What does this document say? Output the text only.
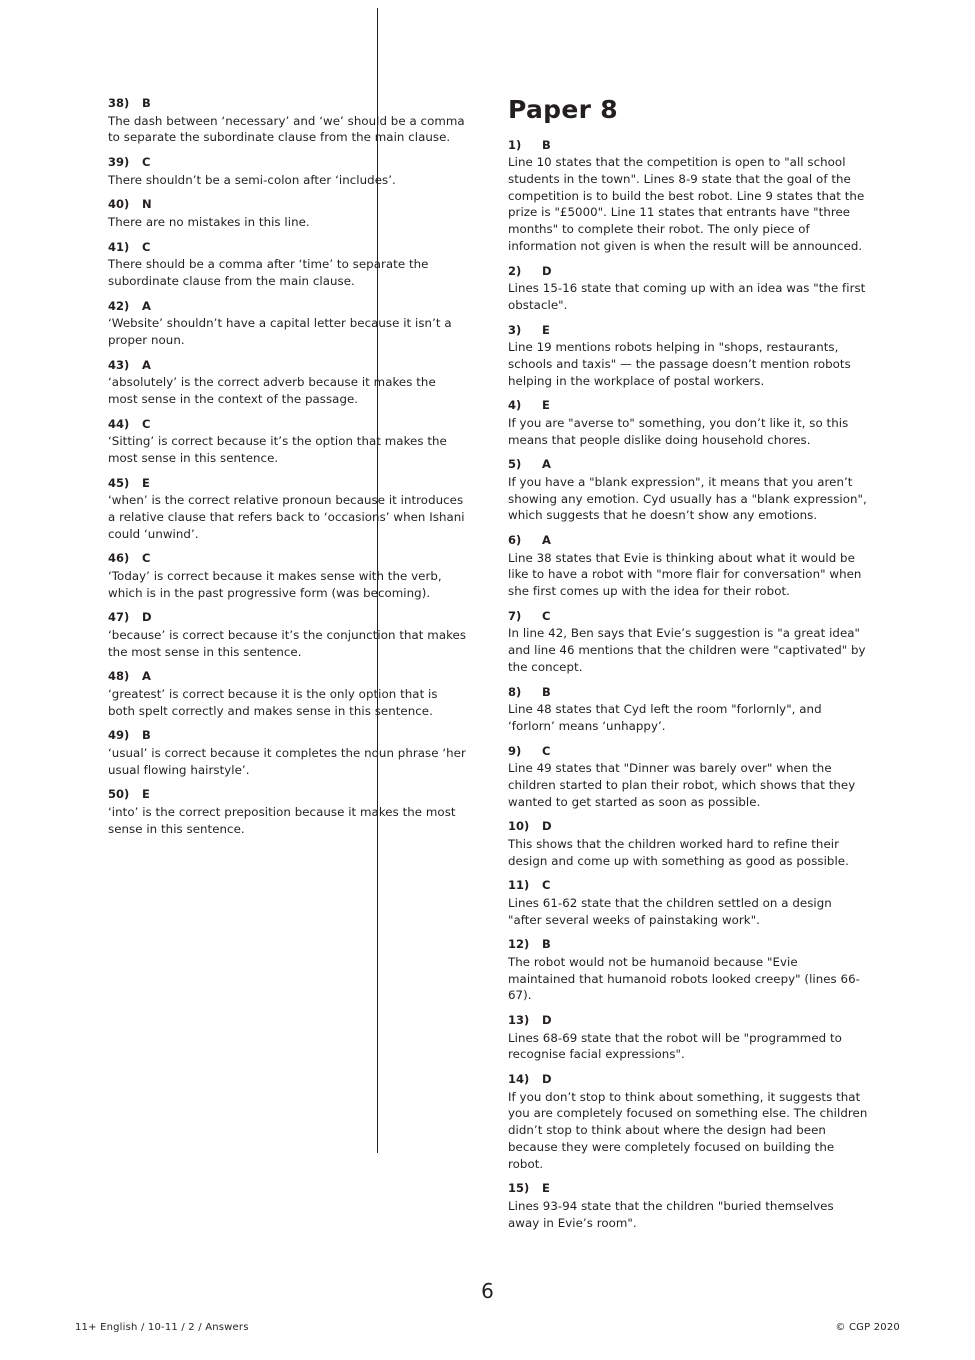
38) B
The dash between ‘necessary’ and ‘we’ should be a comma to separate the subordinate clause from the main clause.
39) C
There shouldn’t be a semi-colon after ‘includes’.
40) N
There are no mistakes in this line.
41) C
There should be a comma after ‘time’ to separate the subordinate clause from the main clause.
42) A
‘Website’ shouldn’t have a capital letter because it isn’t a proper noun.
43) A
‘absolutely’ is the correct adverb because it makes the most sense in the context of the passage.
44) C
‘Sitting’ is correct because it’s the option that makes the most sense in this sentence.
45) E
‘when’ is the correct relative pronoun because it introduces a relative clause that refers back to ‘occasions’ when Ishani could ‘unwind’.
46) C
‘Today’ is correct because it makes sense with the verb, which is in the past progressive form (was becoming).
47) D
‘because’ is correct because it’s the conjunction that makes the most sense in this sentence.
48) A
‘greatest’ is correct because it is the only option that is both spelt correctly and makes sense in this sentence.
49) B
‘usual’ is correct because it completes the noun phrase ‘her usual flowing hairstyle’.
50) E
‘into’ is the correct preposition because it makes the most sense in this sentence.
Paper 8
1) B
Line 10 states that the competition is open to "all school students in the town". Lines 8-9 state that the goal of the competition is to build the best robot. Line 9 states that the prize is "£5000". Line 11 states that entrants have "three months" to complete their robot. The only piece of information not given is when the result will be announced.
2) D
Lines 15-16 state that coming up with an idea was "the first obstacle".
3) E
Line 19 mentions robots helping in "shops, restaurants, schools and taxis" — the passage doesn’t mention robots helping in the workplace of postal workers.
4) E
If you are "averse to" something, you don’t like it, so this means that people dislike doing household chores.
5) A
If you have a "blank expression", it means that you aren’t showing any emotion. Cyd usually has a "blank expression", which suggests that he doesn’t show any emotions.
6) A
Line 38 states that Evie is thinking about what it would be like to have a robot with "more flair for conversation" when she first comes up with the idea for their robot.
7) C
In line 42, Ben says that Evie’s suggestion is "a great idea" and line 46 mentions that the children were "captivated" by the concept.
8) B
Line 48 states that Cyd left the room "forlornly", and ‘forlorn’ means ‘unhappy’.
9) C
Line 49 states that "Dinner was barely over" when the children started to plan their robot, which shows that they wanted to get started as soon as possible.
10) D
This shows that the children worked hard to refine their design and come up with something as good as possible.
11) C
Lines 61-62 state that the children settled on a design "after several weeks of painstaking work".
12) B
The robot would not be humanoid because "Evie maintained that humanoid robots looked creepy" (lines 66-67).
13) D
Lines 68-69 state that the robot will be "programmed to recognise facial expressions".
14) D
If you don’t stop to think about something, it suggests that you are completely focused on something else. The children didn’t stop to think about where the design had been because they were completely focused on building the robot.
15) E
Lines 93-94 state that the children "buried themselves away in Evie’s room".
6
11+ English / 10-11 / 2 / Answers	© CGP 2020
